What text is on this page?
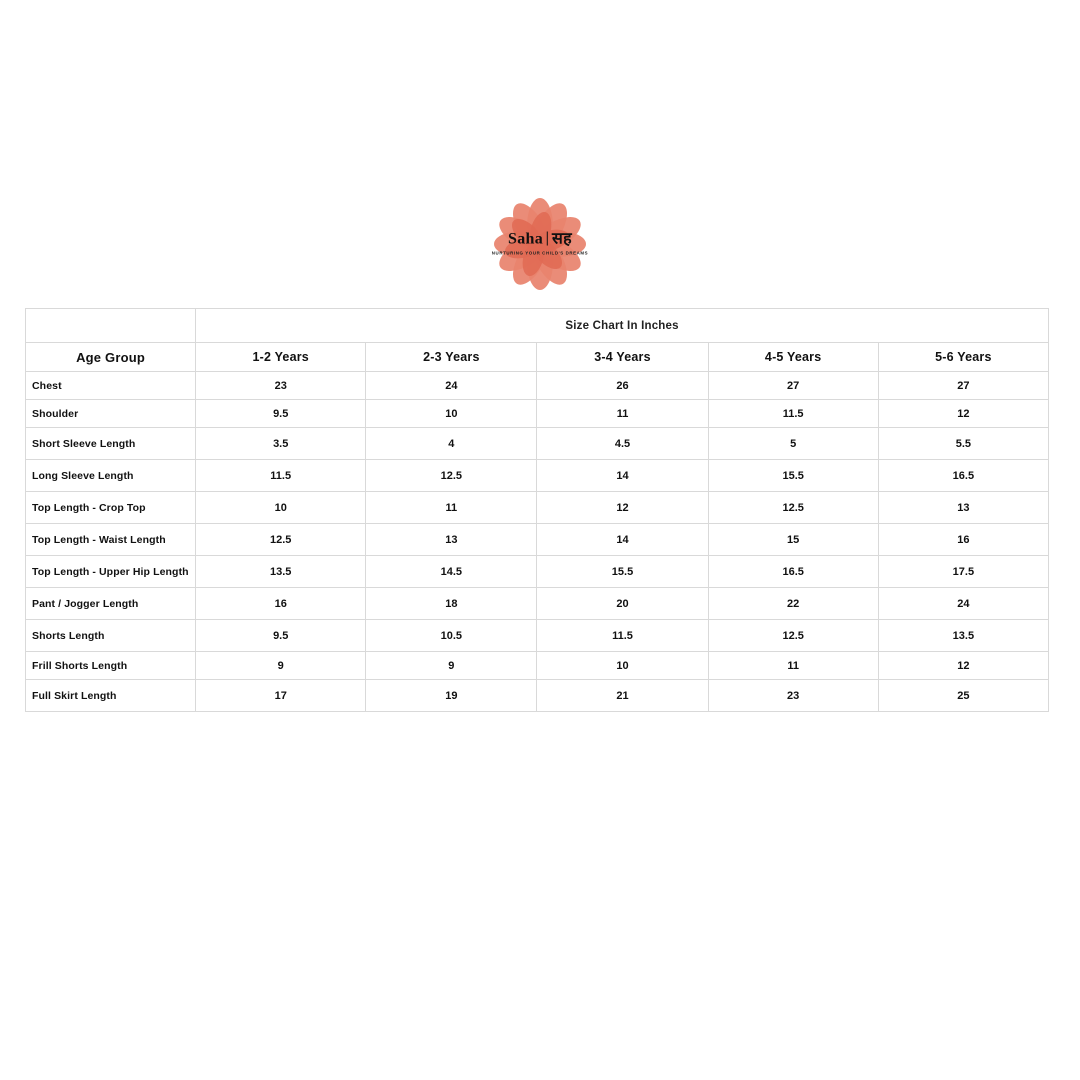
Saha सह
NURTURING YOUR CHILD'S DREAMS
	Size Chart In Inches				
Age Group	1-2 Years	2-3 Years	3-4 Years	4-5 Years	5-6 Years
Chest	23	24	26	27	27
Shoulder	9.5	10	11	11.5	12
Short Sleeve Length	3.5	4	4.5	5	5.5
Long Sleeve Length	11.5	12.5	14	15.5	16.5
Top Length - Crop Top	10	11	12	12.5	13
Top Length - Waist Length	12.5	13	14	15	16
Top Length - Upper Hip Length	13.5	14.5	15.5	16.5	17.5
Pant / Jogger Length	16	18	20	22	24
Shorts Length	9.5	10.5	11.5	12.5	13.5
Frill Shorts Length	9	9	10	11	12
Full Skirt Length	17	19	21	23	25
